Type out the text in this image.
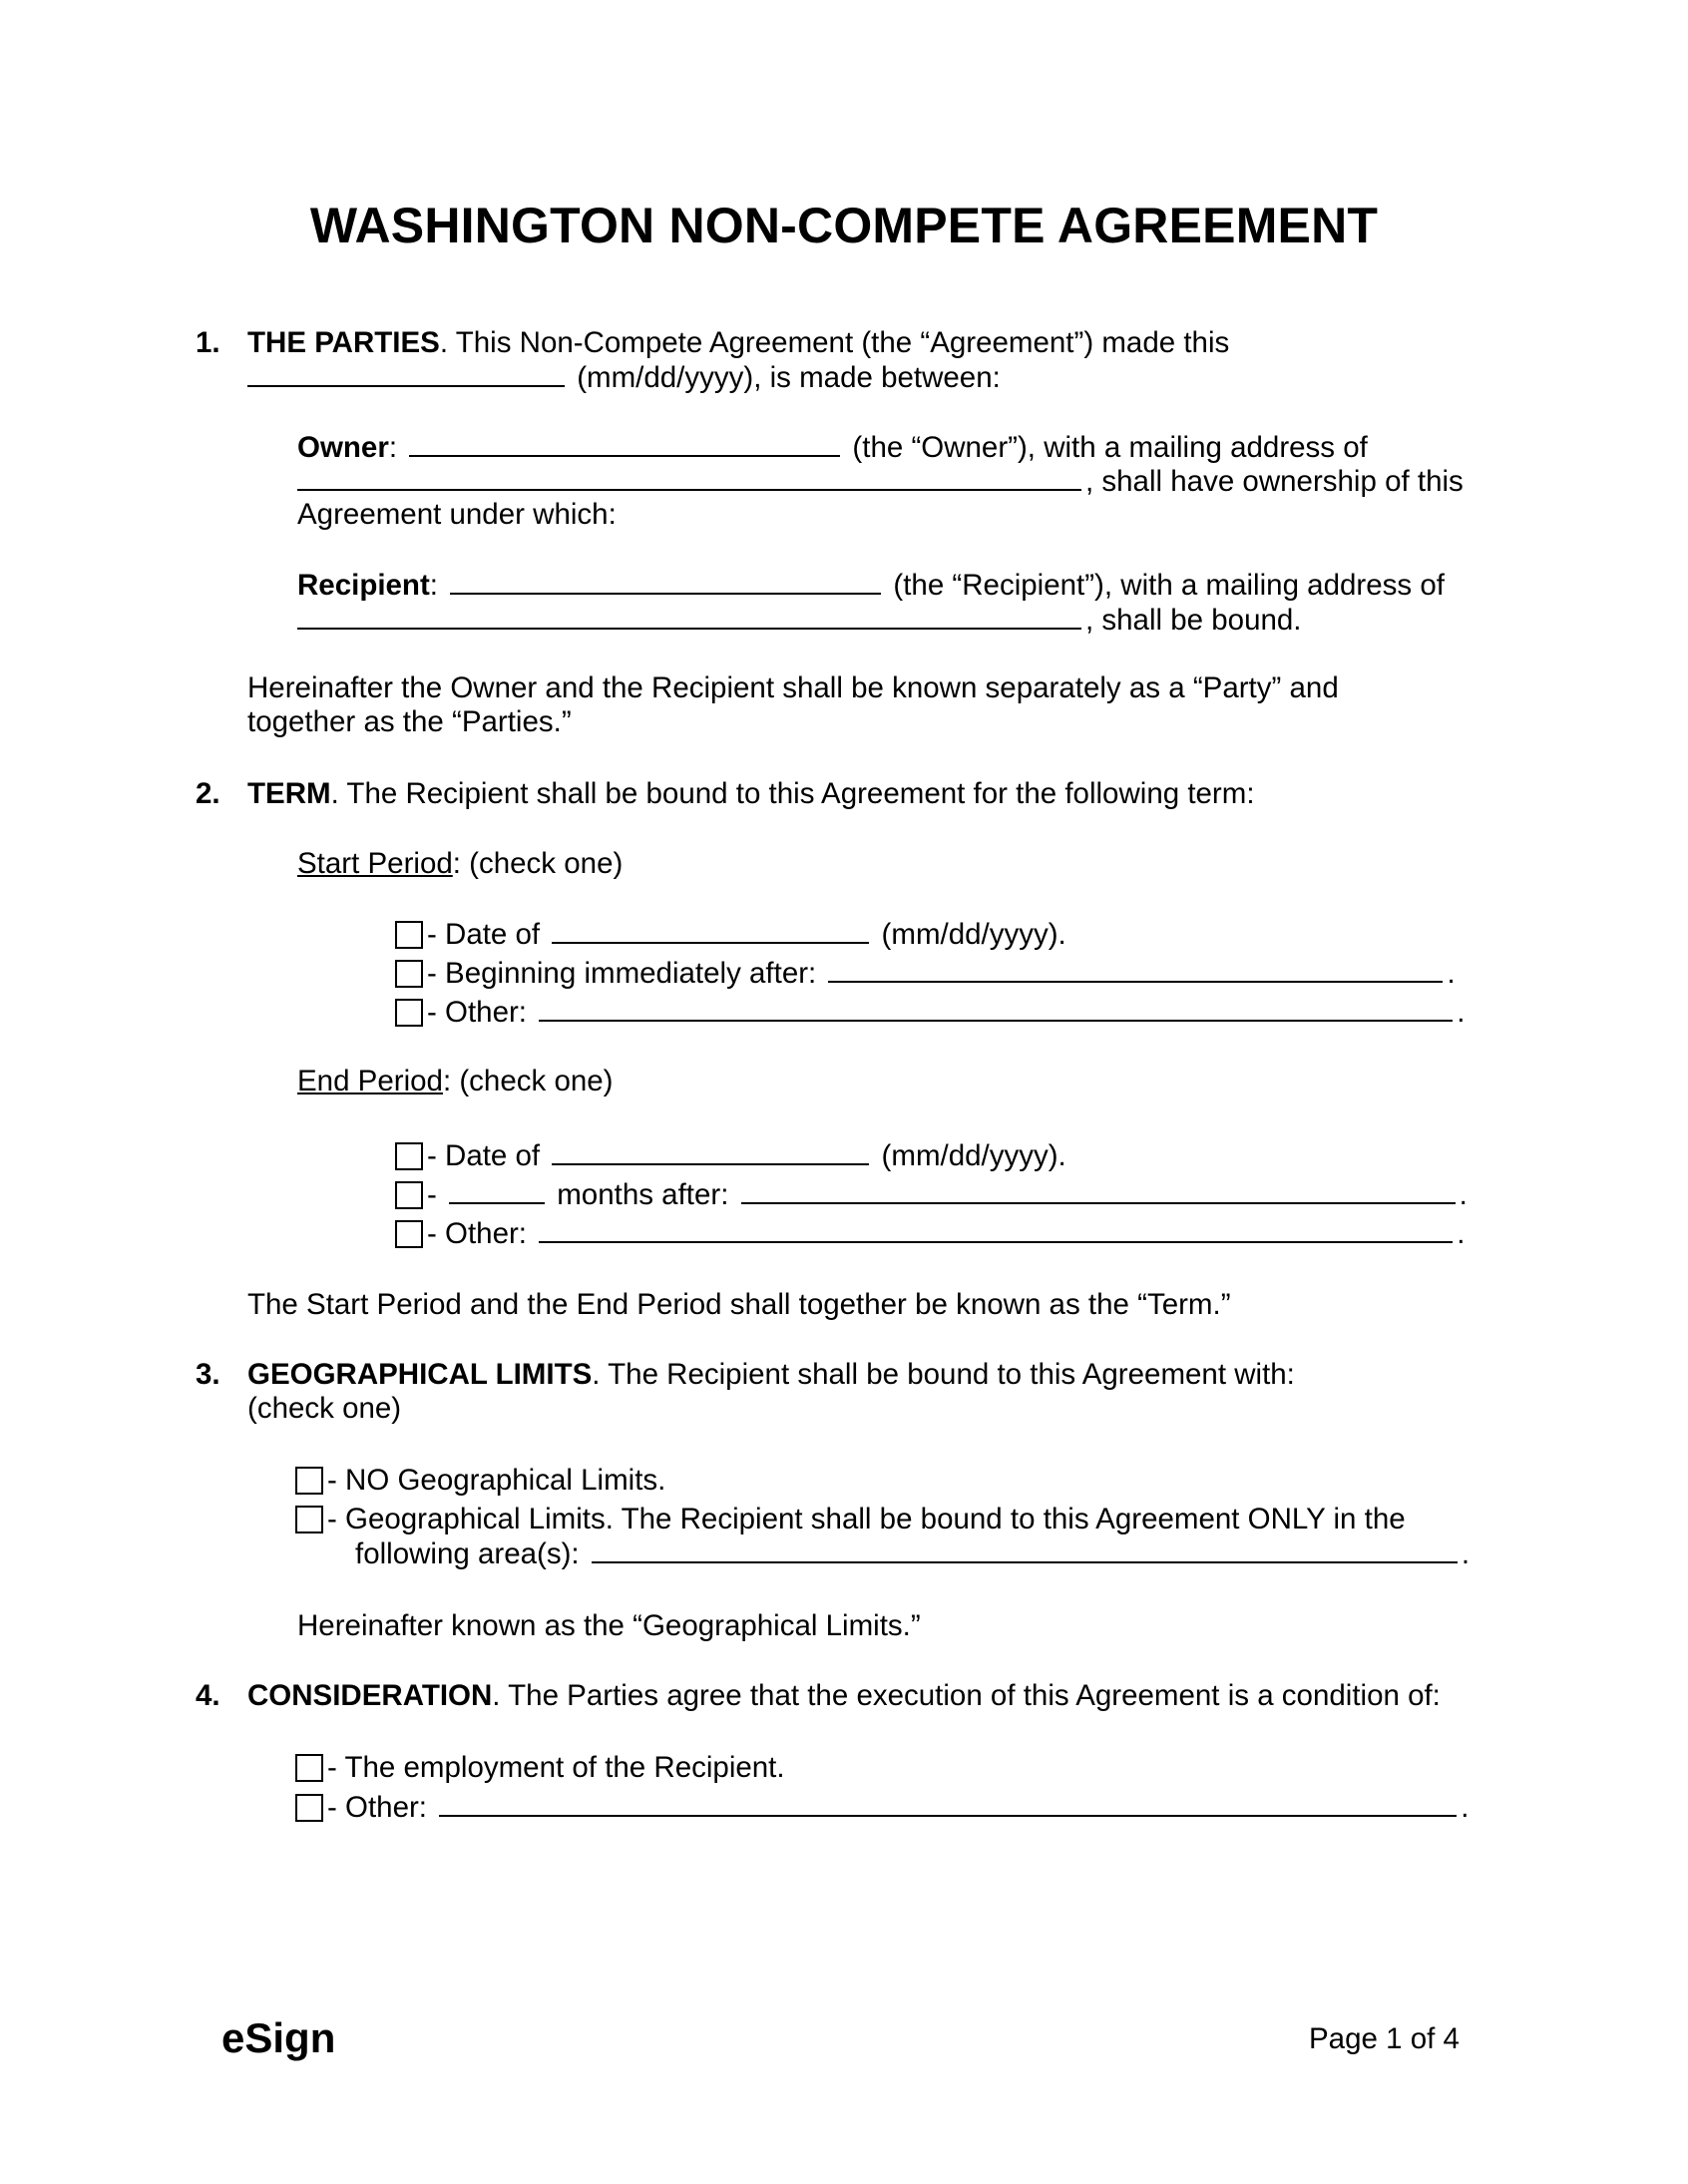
WASHINGTON NON-COMPETE AGREEMENT
1. THE PARTIES. This Non-Compete Agreement (the “Agreement”) made this
(mm/dd/yyyy), is made between:
Owner:	(the “Owner”), with a mailing address of
, shall have ownership of this
Agreement under which:
Recipient:	(the “Recipient”), with a mailing address of
, shall be bound.
Hereinafter the Owner and the Recipient shall be known separately as a “Party” and
together as the “Parties.”
2. TERM. The Recipient shall be bound to this Agreement for the following term:
Start Period: (check one)
- Date of	(mm/dd/yyyy).
- Beginning immediately after:	.
- Other:	.
End Period: (check one)
- Date of	(mm/dd/yyyy).
-	months after:	.
- Other:	.
The Start Period and the End Period shall together be known as the “Term.”
3. GEOGRAPHICAL LIMITS. The Recipient shall be bound to this Agreement with:
(check one)
- NO Geographical Limits.
- Geographical Limits. The Recipient shall be bound to this Agreement ONLY in the
following area(s):	.
Hereinafter known as the “Geographical Limits.”
4. CONSIDERATION. The Parties agree that the execution of this Agreement is a condition of:
- The employment of the Recipient.
- Other:	.
eSign	Page 1 of 4
